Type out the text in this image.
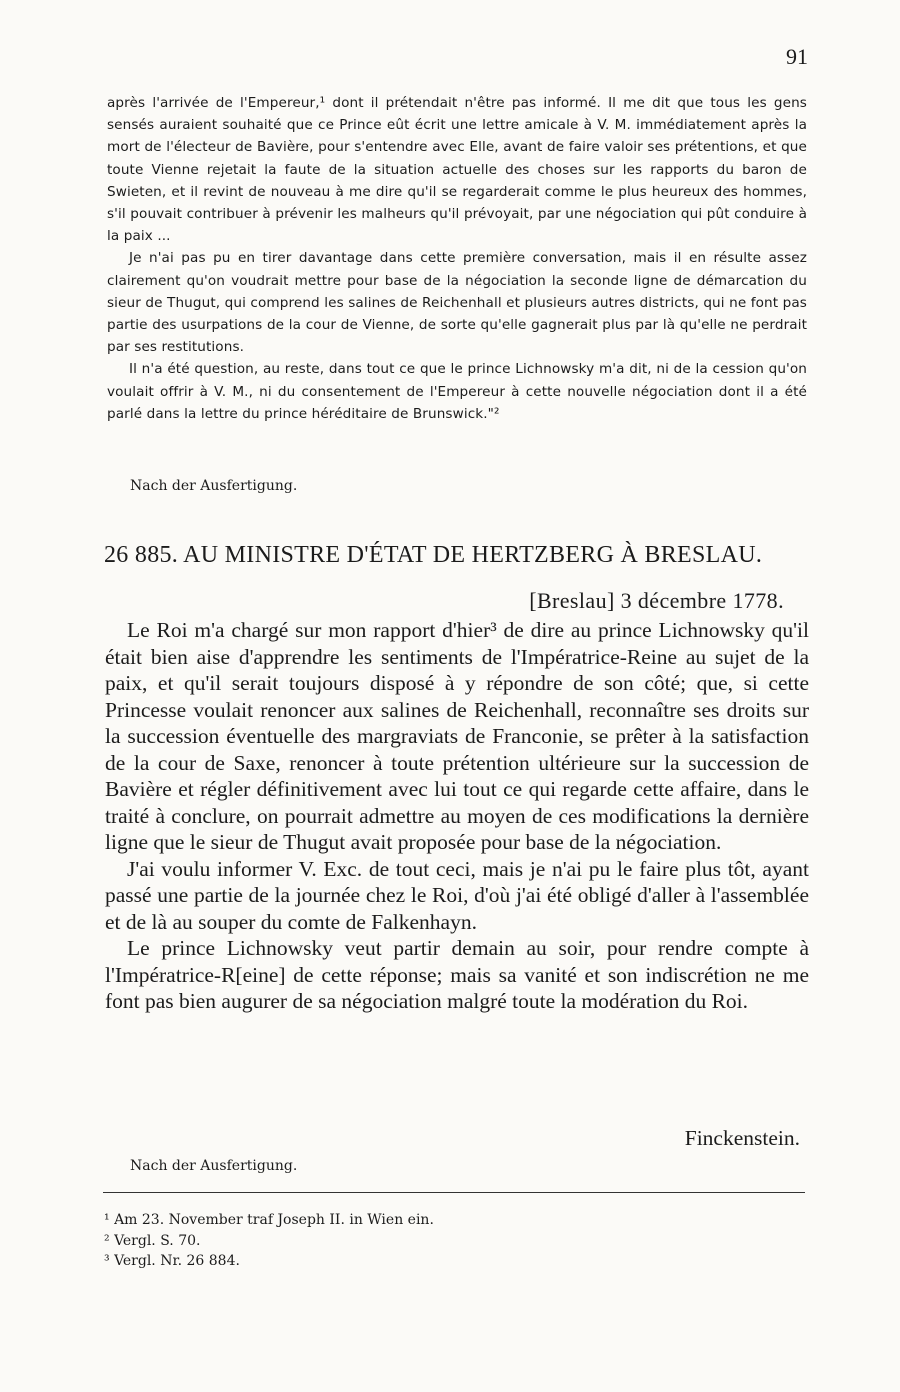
91

après l'arrivée de l'Empereur,¹ dont il prétendait n'être pas informé. Il me dit que tous les gens sensés auraient souhaité que ce Prince eût écrit une lettre amicale à V. M. immédiatement après la mort de l'électeur de Bavière, pour s'entendre avec Elle, avant de faire valoir ses prétentions, et que toute Vienne rejetait la faute de la situation actuelle des choses sur les rapports du baron de Swieten, et il revint de nouveau à me dire qu'il se regarderait comme le plus heureux des hommes, s'il pouvait contribuer à prévenir les malheurs qu'il prévoyait, par une négociation qui pût conduire à la paix ...

Je n'ai pas pu en tirer davantage dans cette première conversation, mais il en résulte assez clairement qu'on voudrait mettre pour base de la négociation la seconde ligne de démarcation du sieur de Thugut, qui comprend les salines de Reichenhall et plusieurs autres districts, qui ne font pas partie des usurpations de la cour de Vienne, de sorte qu'elle gagnerait plus par là qu'elle ne perdrait par ses restitutions.

Il n'a été question, au reste, dans tout ce que le prince Lichnowsky m'a dit, ni de la cession qu'on voulait offrir à V. M., ni du consentement de l'Empereur à cette nouvelle négociation dont il a été parlé dans la lettre du prince héréditaire de Brunswick."²

Nach der Ausfertigung.
26 885. AU MINISTRE D'ÉTAT DE HERTZBERG À BRESLAU.
[Breslau] 3 décembre 1778.

Le Roi m'a chargé sur mon rapport d'hier³ de dire au prince Lichnowsky qu'il était bien aise d'apprendre les sentiments de l'Impératrice-Reine au sujet de la paix, et qu'il serait toujours disposé à y répondre de son côté; que, si cette Princesse voulait renoncer aux salines de Reichenhall, reconnaître ses droits sur la succession éventuelle des margraviats de Franconie, se prêter à la satisfaction de la cour de Saxe, renoncer à toute prétention ultérieure sur la succession de Bavière et régler définitivement avec lui tout ce qui regarde cette affaire, dans le traité à conclure, on pourrait admettre au moyen de ces modifications la dernière ligne que le sieur de Thugut avait proposée pour base de la négociation.

J'ai voulu informer V. Exc. de tout ceci, mais je n'ai pu le faire plus tôt, ayant passé une partie de la journée chez le Roi, d'où j'ai été obligé d'aller à l'assemblée et de là au souper du comte de Falkenhayn.

Le prince Lichnowsky veut partir demain au soir, pour rendre compte à l'Impératrice-R[eine] de cette réponse; mais sa vanité et son indiscrétion ne me font pas bien augurer de sa négociation malgré toute la modération du Roi.

Finckenstein.
Nach der Ausfertigung.
¹ Am 23. November traf Joseph II. in Wien ein.
² Vergl. S. 70.
³ Vergl. Nr. 26 884.
